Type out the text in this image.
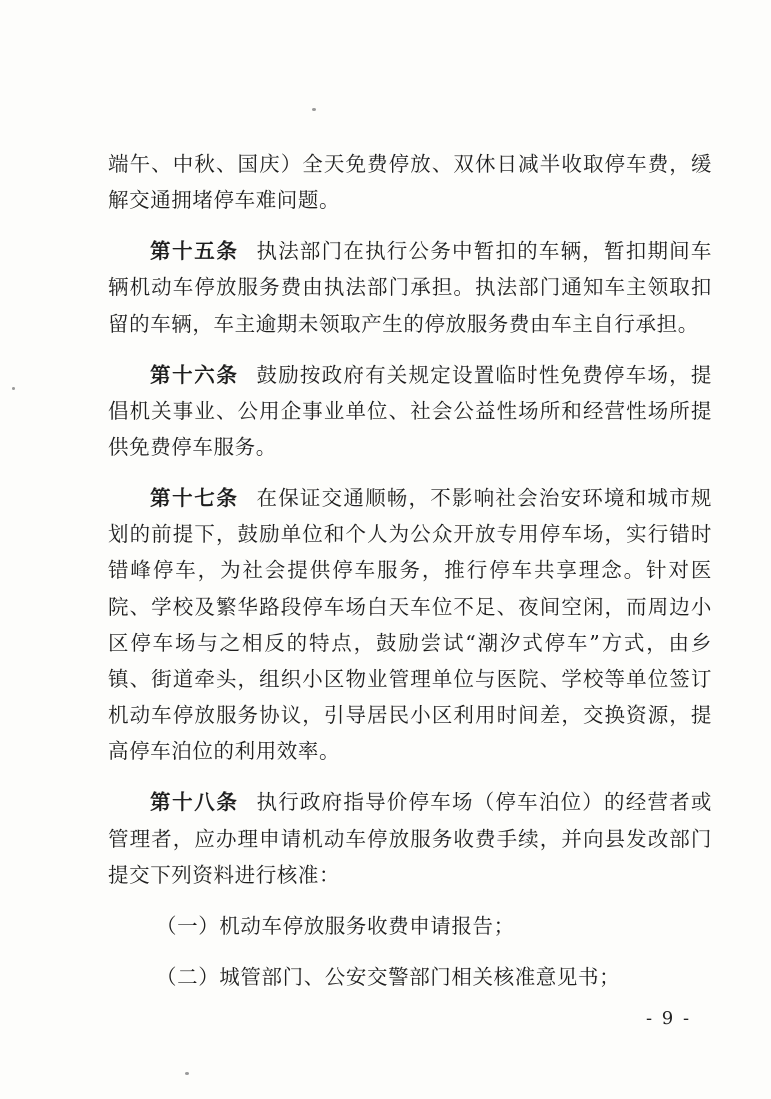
端午、中秋、国庆）全天免费停放、双休日减半收取停车费，缓解交通拥堵停车难问题。

第十五条 执法部门在执行公务中暂扣的车辆，暂扣期间车辆机动车停放服务费由执法部门承担。执法部门通知车主领取扣留的车辆，车主逾期未领取产生的停放服务费由车主自行承担。

第十六条 鼓励按政府有关规定设置临时性免费停车场，提倡机关事业、公用企事业单位、社会公益性场所和经营性场所提供免费停车服务。

第十七条 在保证交通顺畅，不影响社会治安环境和城市规划的前提下，鼓励单位和个人为公众开放专用停车场，实行错时错峰停车，为社会提供停车服务，推行停车共享理念。针对医院、学校及繁华路段停车场白天车位不足、夜间空闲，而周边小区停车场与之相反的特点，鼓励尝试“潮汐式停车”方式，由乡镇、街道牵头，组织小区物业管理单位与医院、学校等单位签订机动车停放服务协议，引导居民小区利用时间差，交换资源，提高停车泊位的利用效率。

第十八条 执行政府指导价停车场（停车泊位）的经营者或管理者，应办理申请机动车停放服务收费手续，并向县发改部门提交下列资料进行核准：

（一）机动车停放服务收费申请报告；

（二）城管部门、公安交警部门相关核准意见书；

- 9 -
